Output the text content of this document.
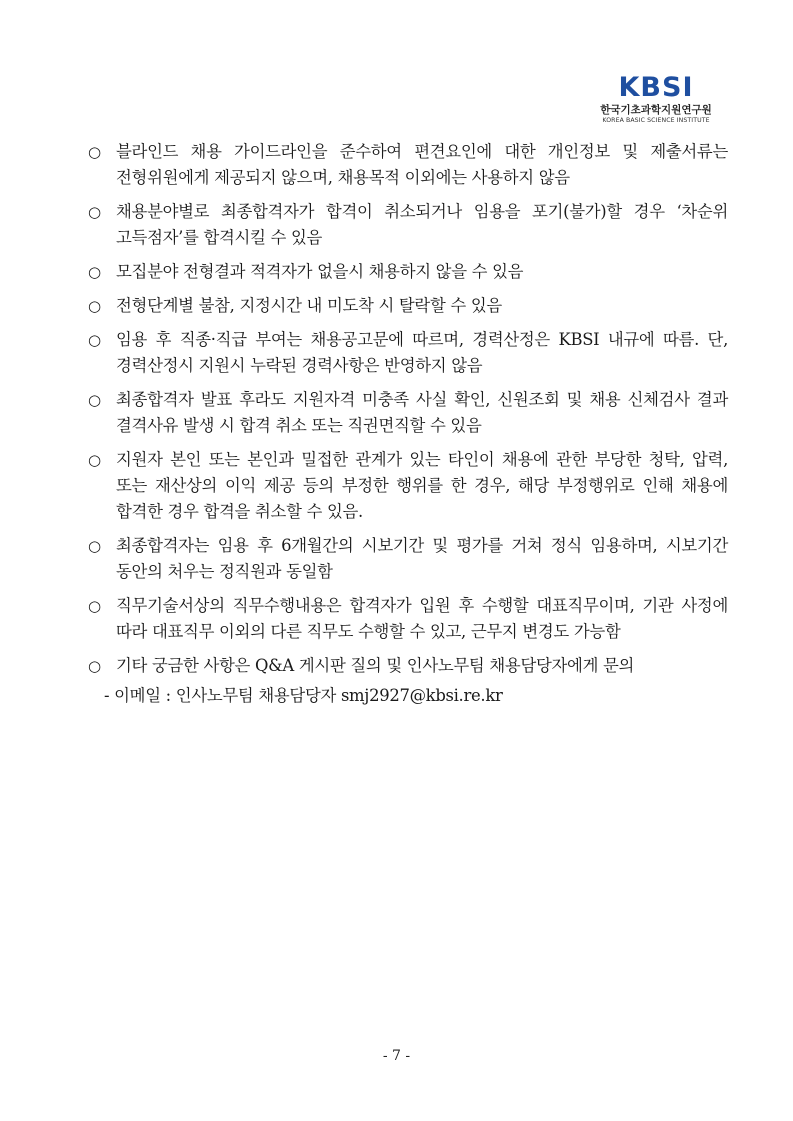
KBSI
한국기초과학지원연구원
KOREA BASIC SCIENCE INSTITUTE
○ 블라인드 채용 가이드라인을 준수하여 편견요인에 대한 개인정보 및 제출서류는 전형위원에게 제공되지 않으며, 채용목적 이외에는 사용하지 않음
○ 채용분야별로 최종합격자가 합격이 취소되거나 임용을 포기(불가)할 경우 ‘차순위 고득점자’를 합격시킬 수 있음
○ 모집분야 전형결과 적격자가 없을시 채용하지 않을 수 있음
○ 전형단계별 불참, 지정시간 내 미도착 시 탈락할 수 있음
○ 임용 후 직종·직급 부여는 채용공고문에 따르며, 경력산정은 KBSI 내규에 따름. 단, 경력산정시 지원시 누락된 경력사항은 반영하지 않음
○ 최종합격자 발표 후라도 지원자격 미충족 사실 확인, 신원조회 및 채용 신체검사 결과 결격사유 발생 시 합격 취소 또는 직권면직할 수 있음
○ 지원자 본인 또는 본인과 밀접한 관계가 있는 타인이 채용에 관한 부당한 청탁, 압력, 또는 재산상의 이익 제공 등의 부정한 행위를 한 경우, 해당 부정행위로 인해 채용에 합격한 경우 합격을 취소할 수 있음.
○ 최종합격자는 임용 후 6개월간의 시보기간 및 평가를 거쳐 정식 임용하며, 시보기간 동안의 처우는 정직원과 동일함
○ 직무기술서상의 직무수행내용은 합격자가 입원 후 수행할 대표직무이며, 기관 사정에 따라 대표직무 이외의 다른 직무도 수행할 수 있고, 근무지 변경도 가능함
○ 기타 궁금한 사항은 Q&A 게시판 질의 및 인사노무팀 채용담당자에게 문의
- 이메일 : 인사노무팀 채용담당자 smj2927@kbsi.re.kr
- 7 -
